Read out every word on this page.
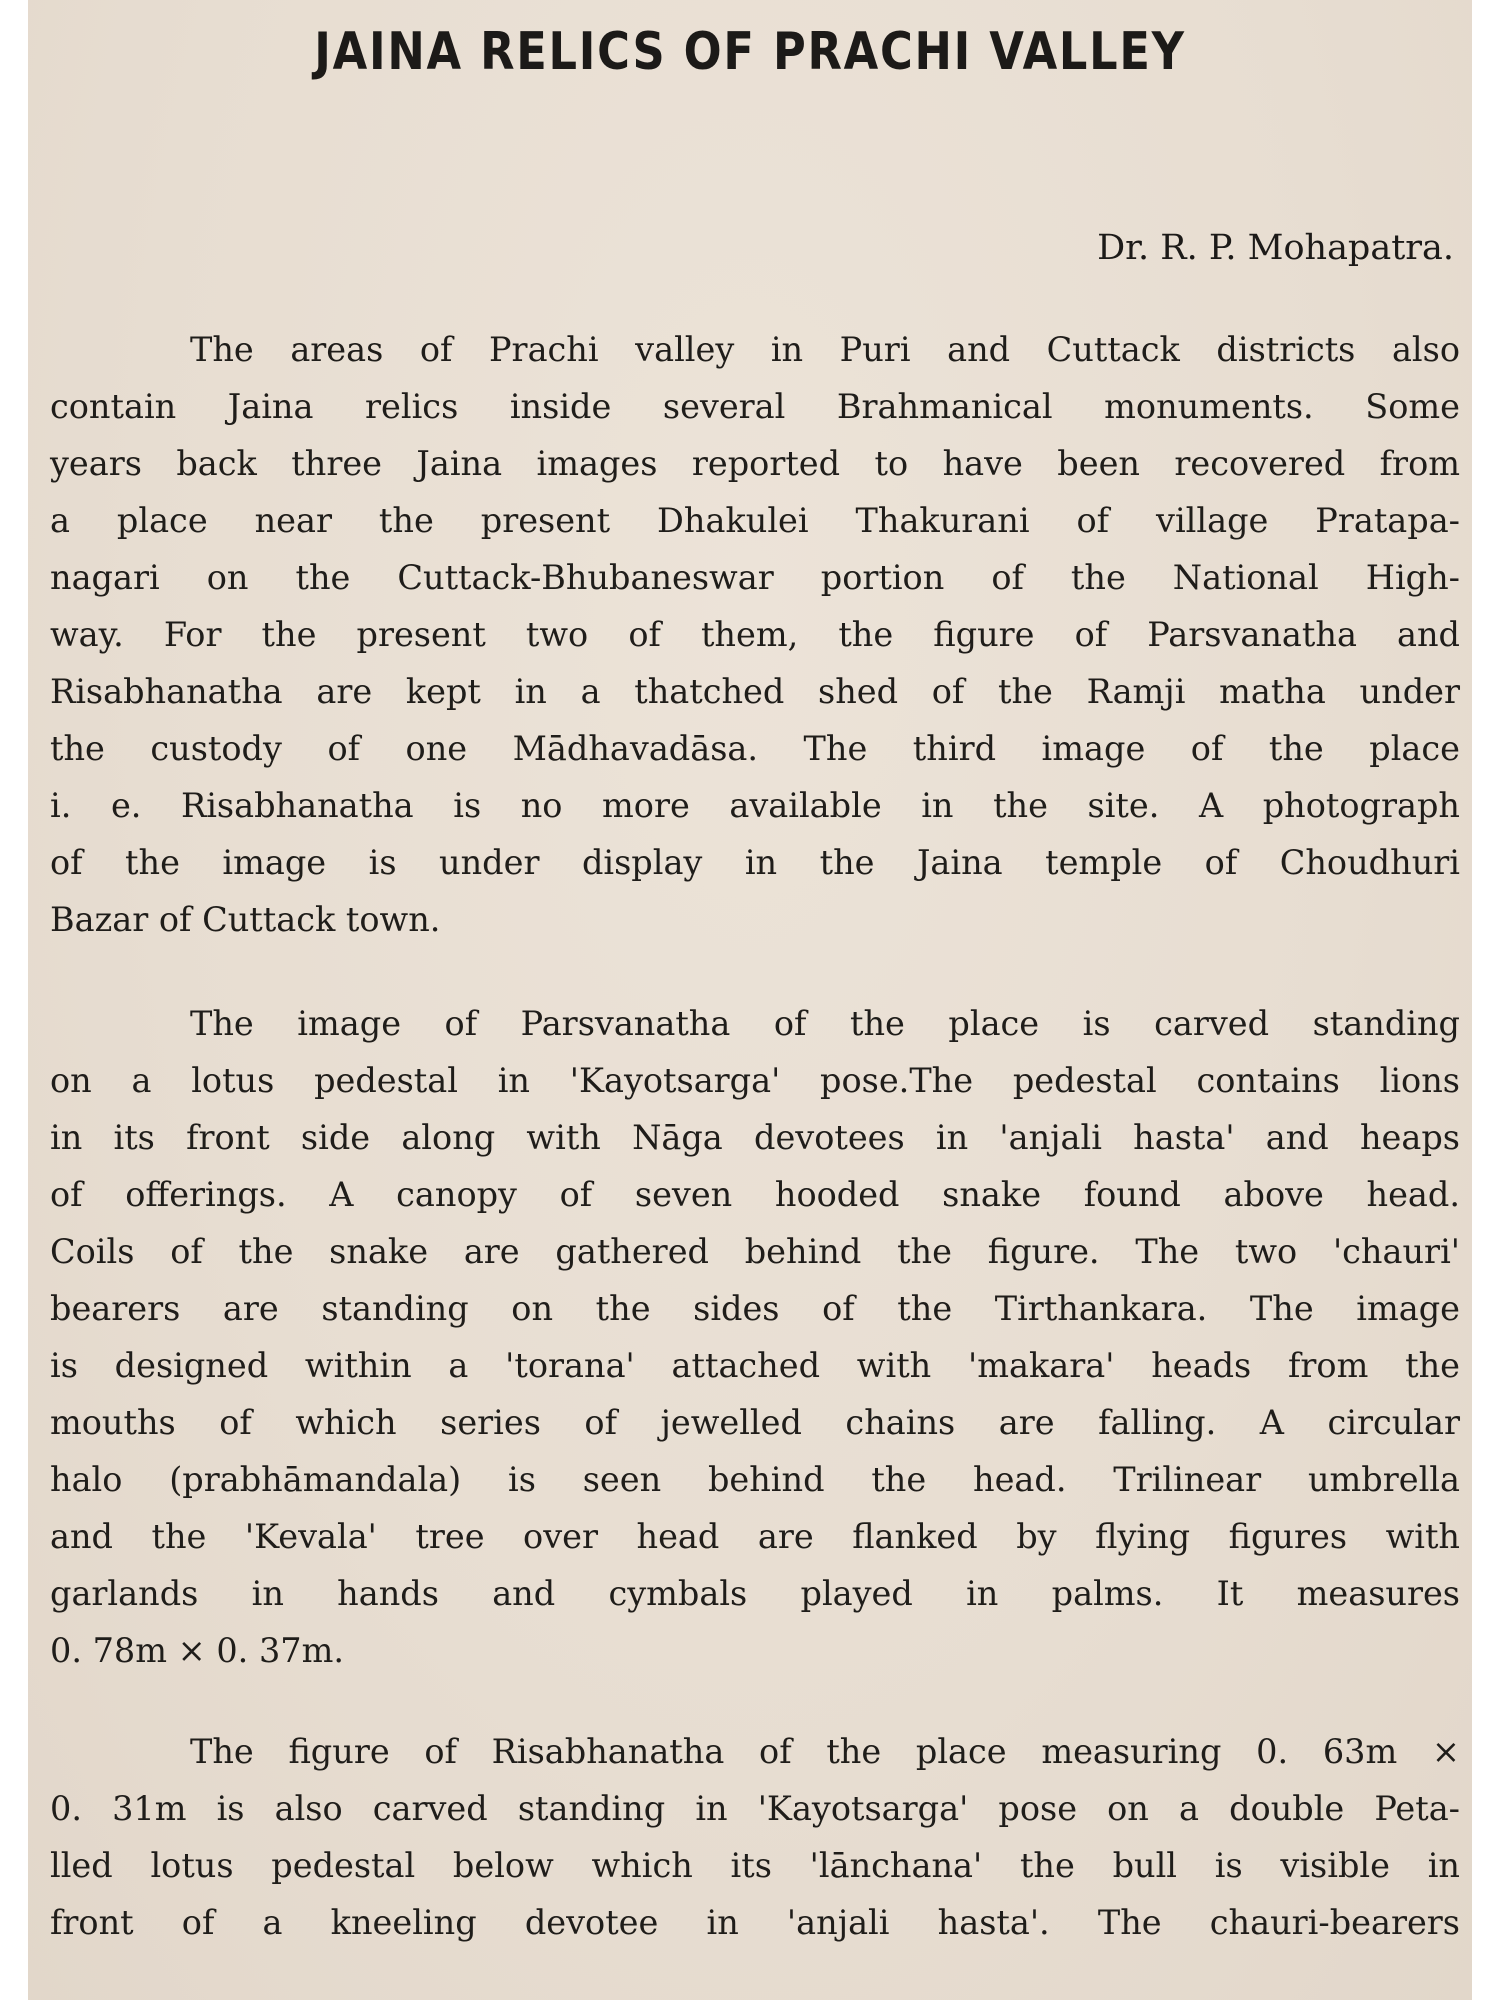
JAINA RELICS OF PRACHI VALLEY

Dr. R. P. Mohapatra.

The areas of Prachi valley in Puri and Cuttack districts also
contain Jaina relics inside several Brahmanical monuments. Some
years back three Jaina images reported to have been recovered from
a place near the present Dhakulei Thakurani of village Pratapa-
nagari on the Cuttack-Bhubaneswar portion of the National High-
way. For the present two of them, the figure of Parsvanatha and
Risabhanatha are kept in a thatched shed of the Ramji matha under
the custody of one Mādhavadāsa. The third image of the place
i. e. Risabhanatha is no more available in the site. A photograph
of the image is under display in the Jaina temple of Choudhuri
Bazar of Cuttack town.
The image of Parsvanatha of the place is carved standing
on a lotus pedestal in 'Kayotsarga' pose.The pedestal contains lions
in its front side along with Nāga devotees in 'anjali hasta' and heaps
of offerings. A canopy of seven hooded snake found above head.
Coils of the snake are gathered behind the figure. The two 'chauri'
bearers are standing on the sides of the Tirthankara. The image
is designed within a 'torana' attached with 'makara' heads from the
mouths of which series of jewelled chains are falling. A circular
halo (prabhāmandala) is seen behind the head. Trilinear umbrella
and the 'Kevala' tree over head are flanked by flying figures with
garlands in hands and cymbals played in palms. It measures
0. 78m × 0. 37m.
The figure of Risabhanatha of the place measuring 0. 63m ×
0. 31m is also carved standing in 'Kayotsarga' pose on a double Peta-
lled lotus pedestal below which its 'lānchana' the bull is visible in
front of a kneeling devotee in 'anjali hasta'. The chauri-bearers
